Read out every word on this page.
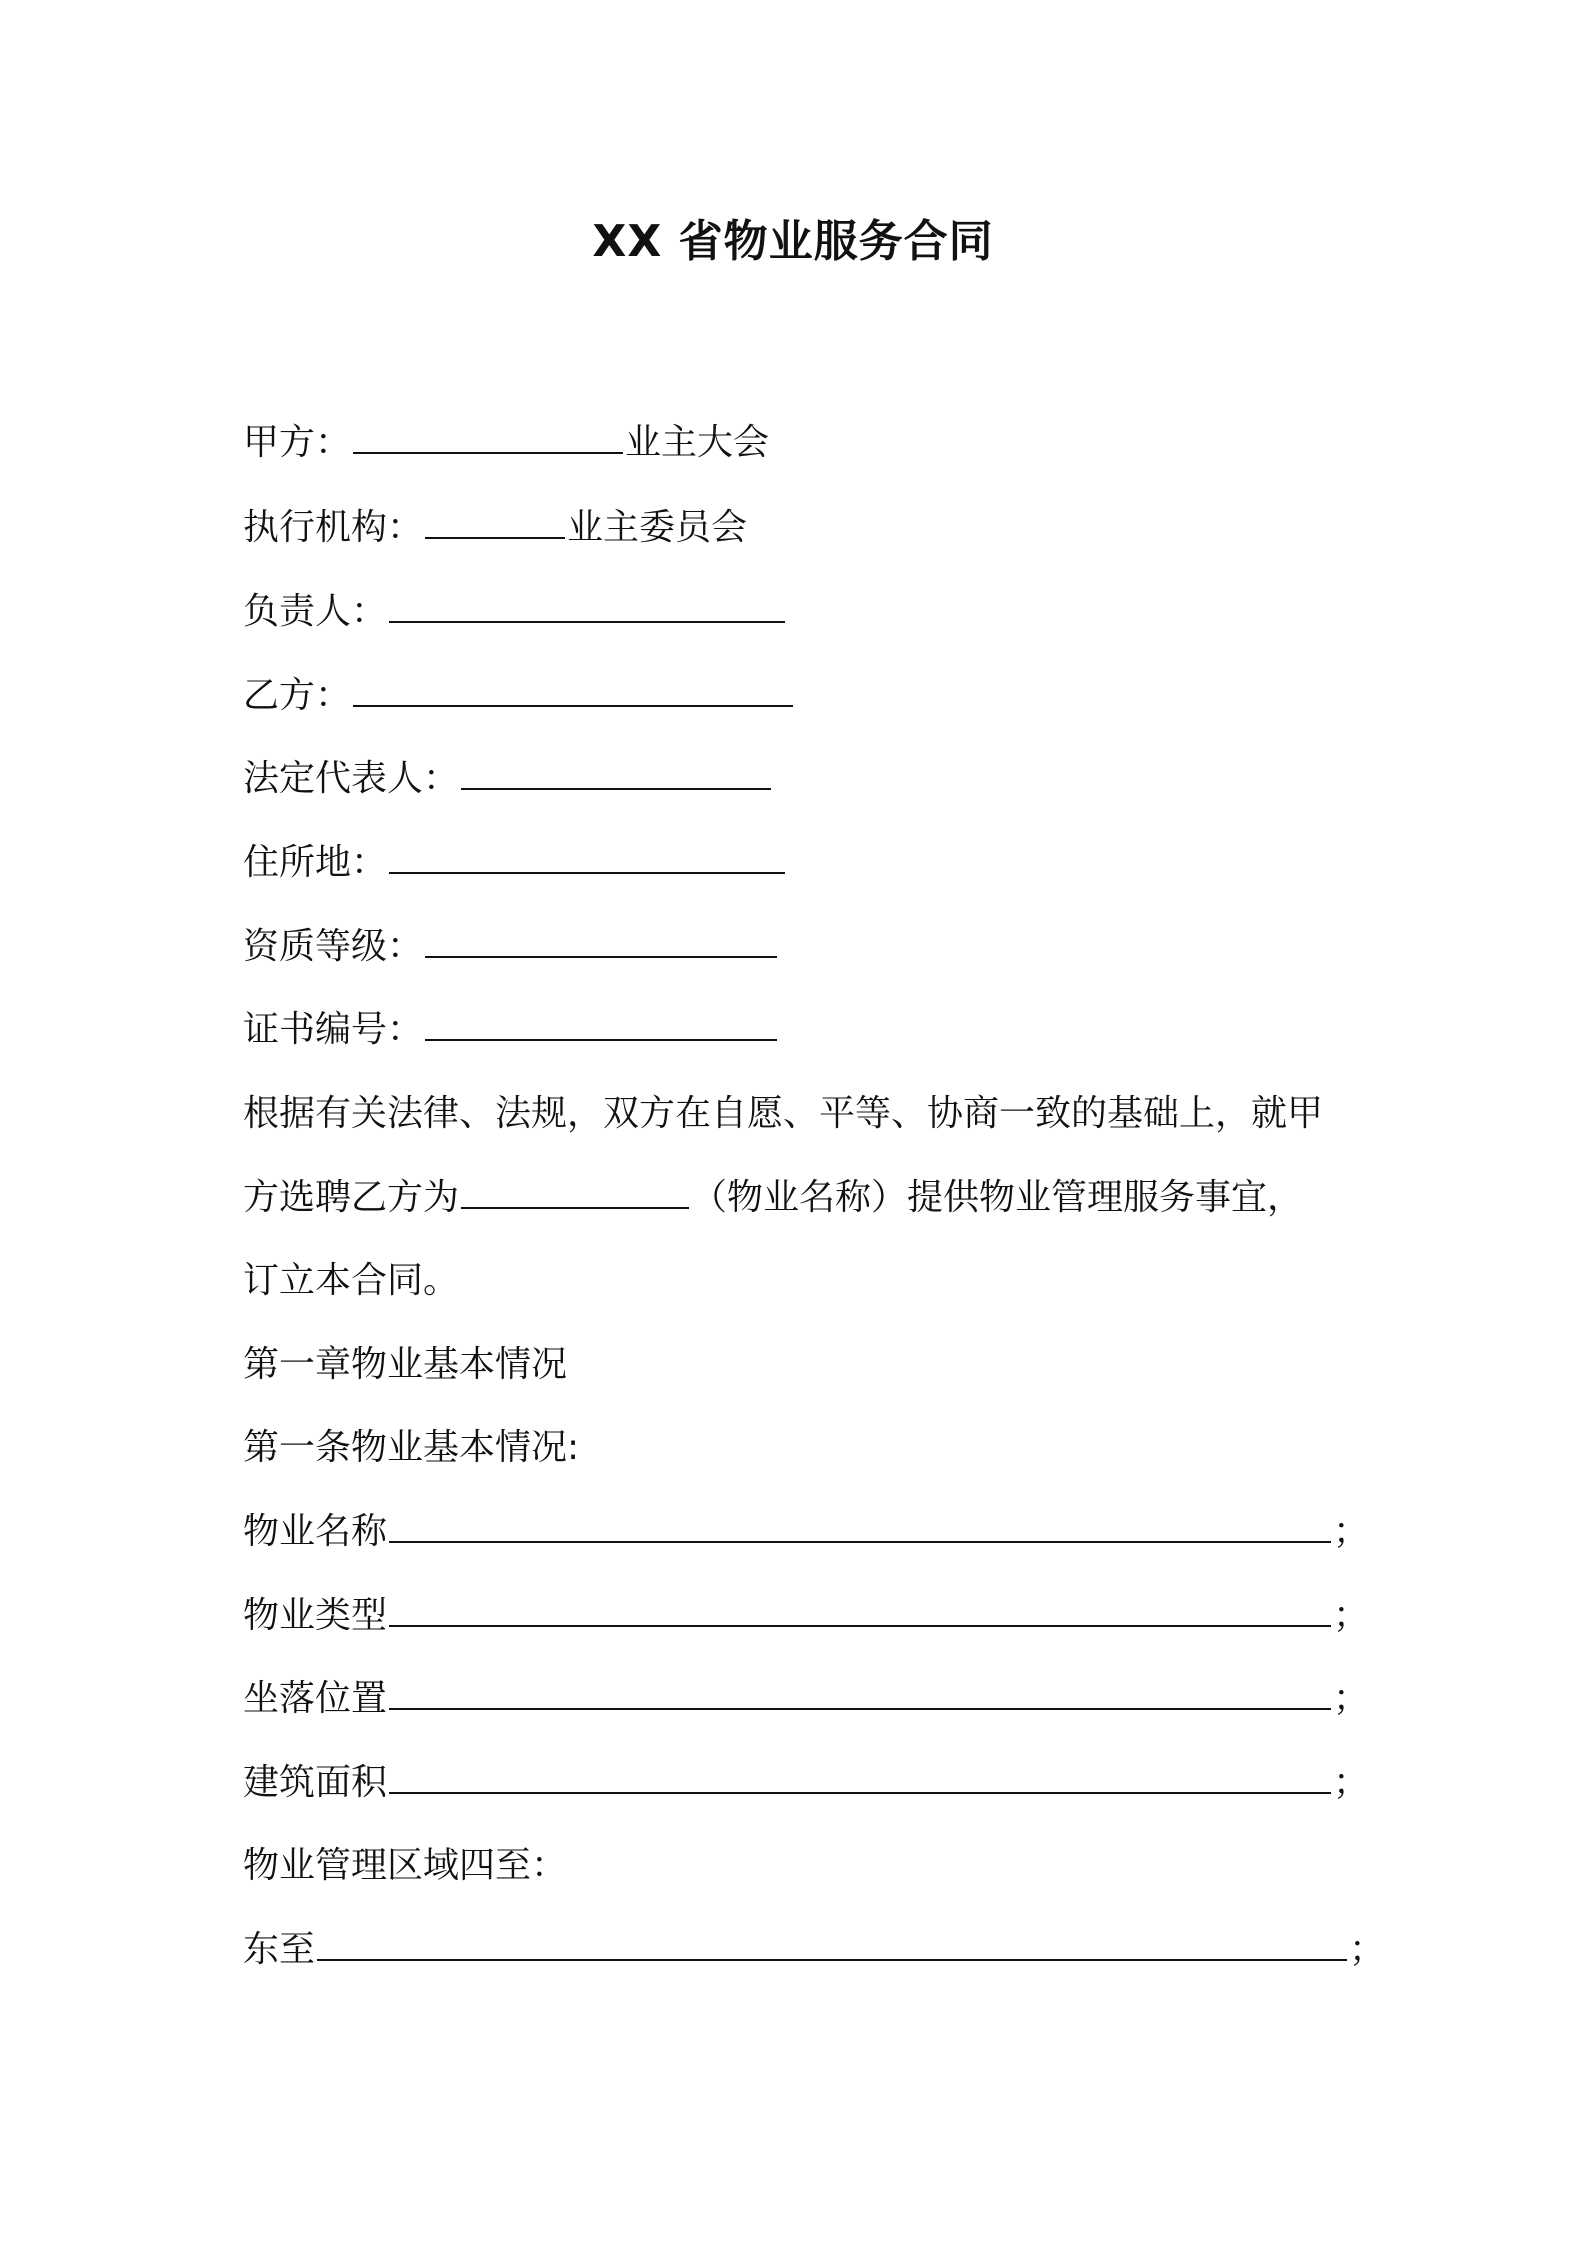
XX 省物业服务合同
甲方：	业主大会
执行机构：	业主委员会
负责人：
乙方：
法定代表人：
住所地：
资质等级：
证书编号：
根据有关法律、法规，双方在自愿、平等、协商一致的基础上，就甲
方选聘乙方为	（物业名称）提供物业管理服务事宜，
订立本合同。
第一章物业基本情况
第一条物业基本情况:
物业名称	；
物业类型	；
坐落位置	；
建筑面积	；
物业管理区域四至：
东至	；
